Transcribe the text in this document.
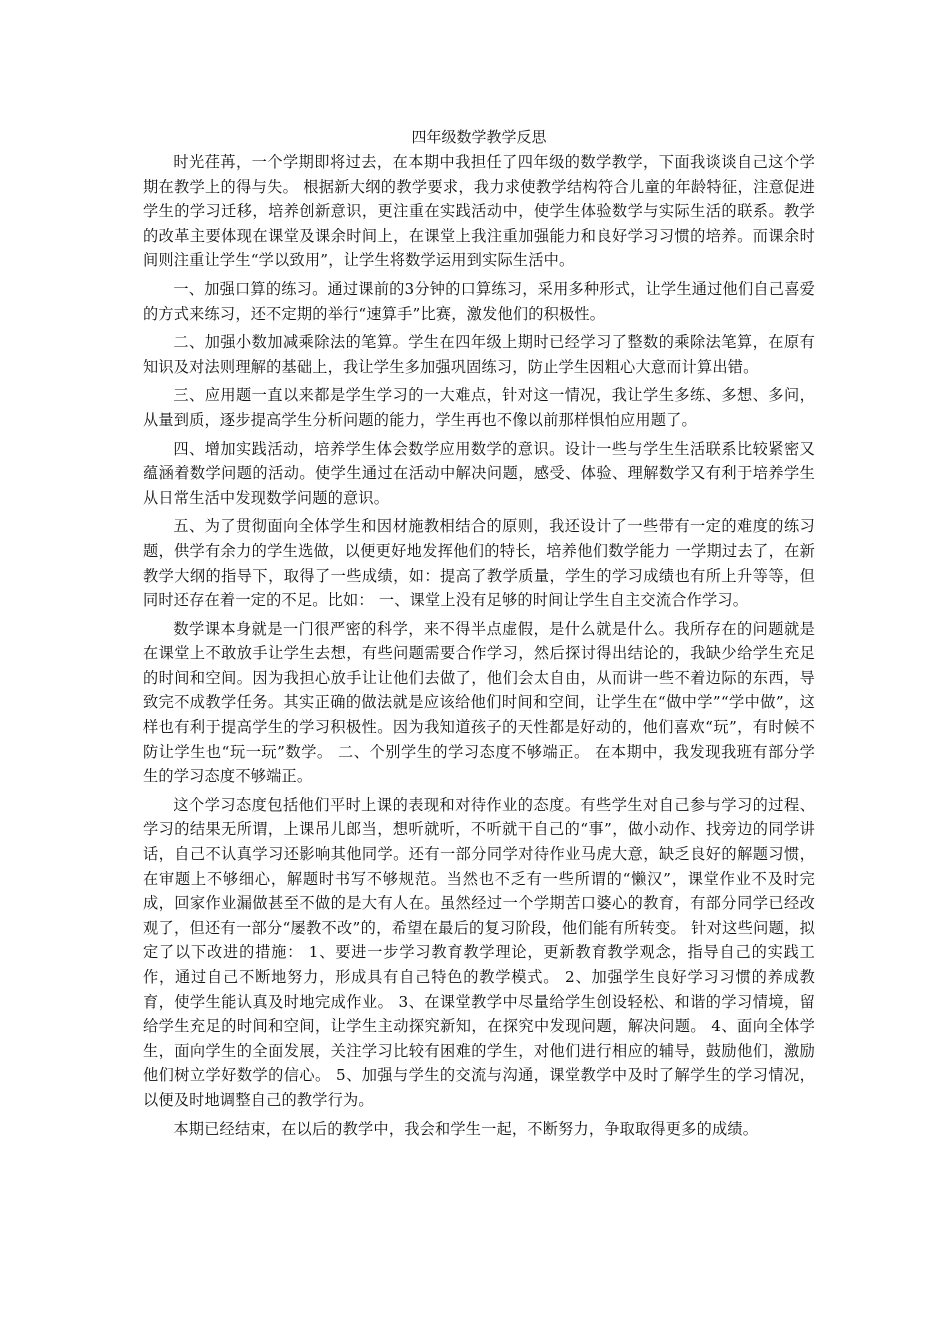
四年级数学教学反思

时光荏苒，一个学期即将过去，在本期中我担任了四年级的数学教学，下面我谈谈自己这个学期在教学上的得与失。 根据新大纲的教学要求，我力求使教学结构符合儿童的年龄特征，注意促进学生的学习迁移，培养创新意识，更注重在实践活动中，使学生体验数学与实际生活的联系。教学的改革主要体现在课堂及课余时间上，在课堂上我注重加强能力和良好学习习惯的培养。而课余时间则注重让学生“学以致用”，让学生将数学运用到实际生活中。

一、加强口算的练习。通过课前的3分钟的口算练习，采用多种形式，让学生通过他们自己喜爱的方式来练习，还不定期的举行“速算手”比赛，激发他们的积极性。

二、加强小数加减乘除法的笔算。学生在四年级上期时已经学习了整数的乘除法笔算，在原有知识及对法则理解的基础上，我让学生多加强巩固练习，防止学生因粗心大意而计算出错。

三、应用题一直以来都是学生学习的一大难点，针对这一情况，我让学生多练、多想、多问，从量到质，逐步提高学生分析问题的能力，学生再也不像以前那样惧怕应用题了。

四、增加实践活动，培养学生体会数学应用数学的意识。设计一些与学生生活联系比较紧密又蕴涵着数学问题的活动。使学生通过在活动中解决问题，感受、体验、理解数学又有利于培养学生从日常生活中发现数学问题的意识。

五、为了贯彻面向全体学生和因材施教相结合的原则，我还设计了一些带有一定的难度的练习题，供学有余力的学生选做，以便更好地发挥他们的特长，培养他们数学能力 一学期过去了，在新教学大纲的指导下，取得了一些成绩，如：提高了教学质量，学生的学习成绩也有所上升等等，但同时还存在着一定的不足。比如： 一、课堂上没有足够的时间让学生自主交流合作学习。

数学课本身就是一门很严密的科学，来不得半点虚假，是什么就是什么。我所存在的问题就是在课堂上不敢放手让学生去想，有些问题需要合作学习，然后探讨得出结论的，我缺少给学生充足的时间和空间。因为我担心放手让让他们去做了，他们会太自由，从而讲一些不着边际的东西，导致完不成教学任务。其实正确的做法就是应该给他们时间和空间，让学生在“做中学”“学中做”，这样也有利于提高学生的学习积极性。因为我知道孩子的天性都是好动的，他们喜欢“玩”，有时候不防让学生也“玩一玩”数学。 二、个别学生的学习态度不够端正。 在本期中，我发现我班有部分学生的学习态度不够端正。

这个学习态度包括他们平时上课的表现和对待作业的态度。有些学生对自己参与学习的过程、学习的结果无所谓，上课吊儿郎当，想听就听，不听就干自己的“事”，做小动作、找旁边的同学讲话，自己不认真学习还影响其他同学。还有一部分同学对待作业马虎大意，缺乏良好的解题习惯，在审题上不够细心，解题时书写不够规范。当然也不乏有一些所谓的“懒汉”，课堂作业不及时完成，回家作业漏做甚至不做的是大有人在。虽然经过一个学期苦口婆心的教育，有部分同学已经改观了，但还有一部分“屡教不改”的，希望在最后的复习阶段，他们能有所转变。 针对这些问题，拟定了以下改进的措施： 1、要进一步学习教育教学理论，更新教育教学观念，指导自己的实践工作，通过自己不断地努力，形成具有自己特色的教学模式。 2、加强学生良好学习习惯的养成教育，使学生能认真及时地完成作业。 3、在课堂教学中尽量给学生创设轻松、和谐的学习情境，留给学生充足的时间和空间，让学生主动探究新知，在探究中发现问题，解决问题。 4、面向全体学生，面向学生的全面发展，关注学习比较有困难的学生，对他们进行相应的辅导，鼓励他们，激励他们树立学好数学的信心。 5、加强与学生的交流与沟通，课堂教学中及时了解学生的学习情况，以便及时地调整自己的教学行为。

本期已经结束，在以后的教学中，我会和学生一起，不断努力，争取取得更多的成绩。
